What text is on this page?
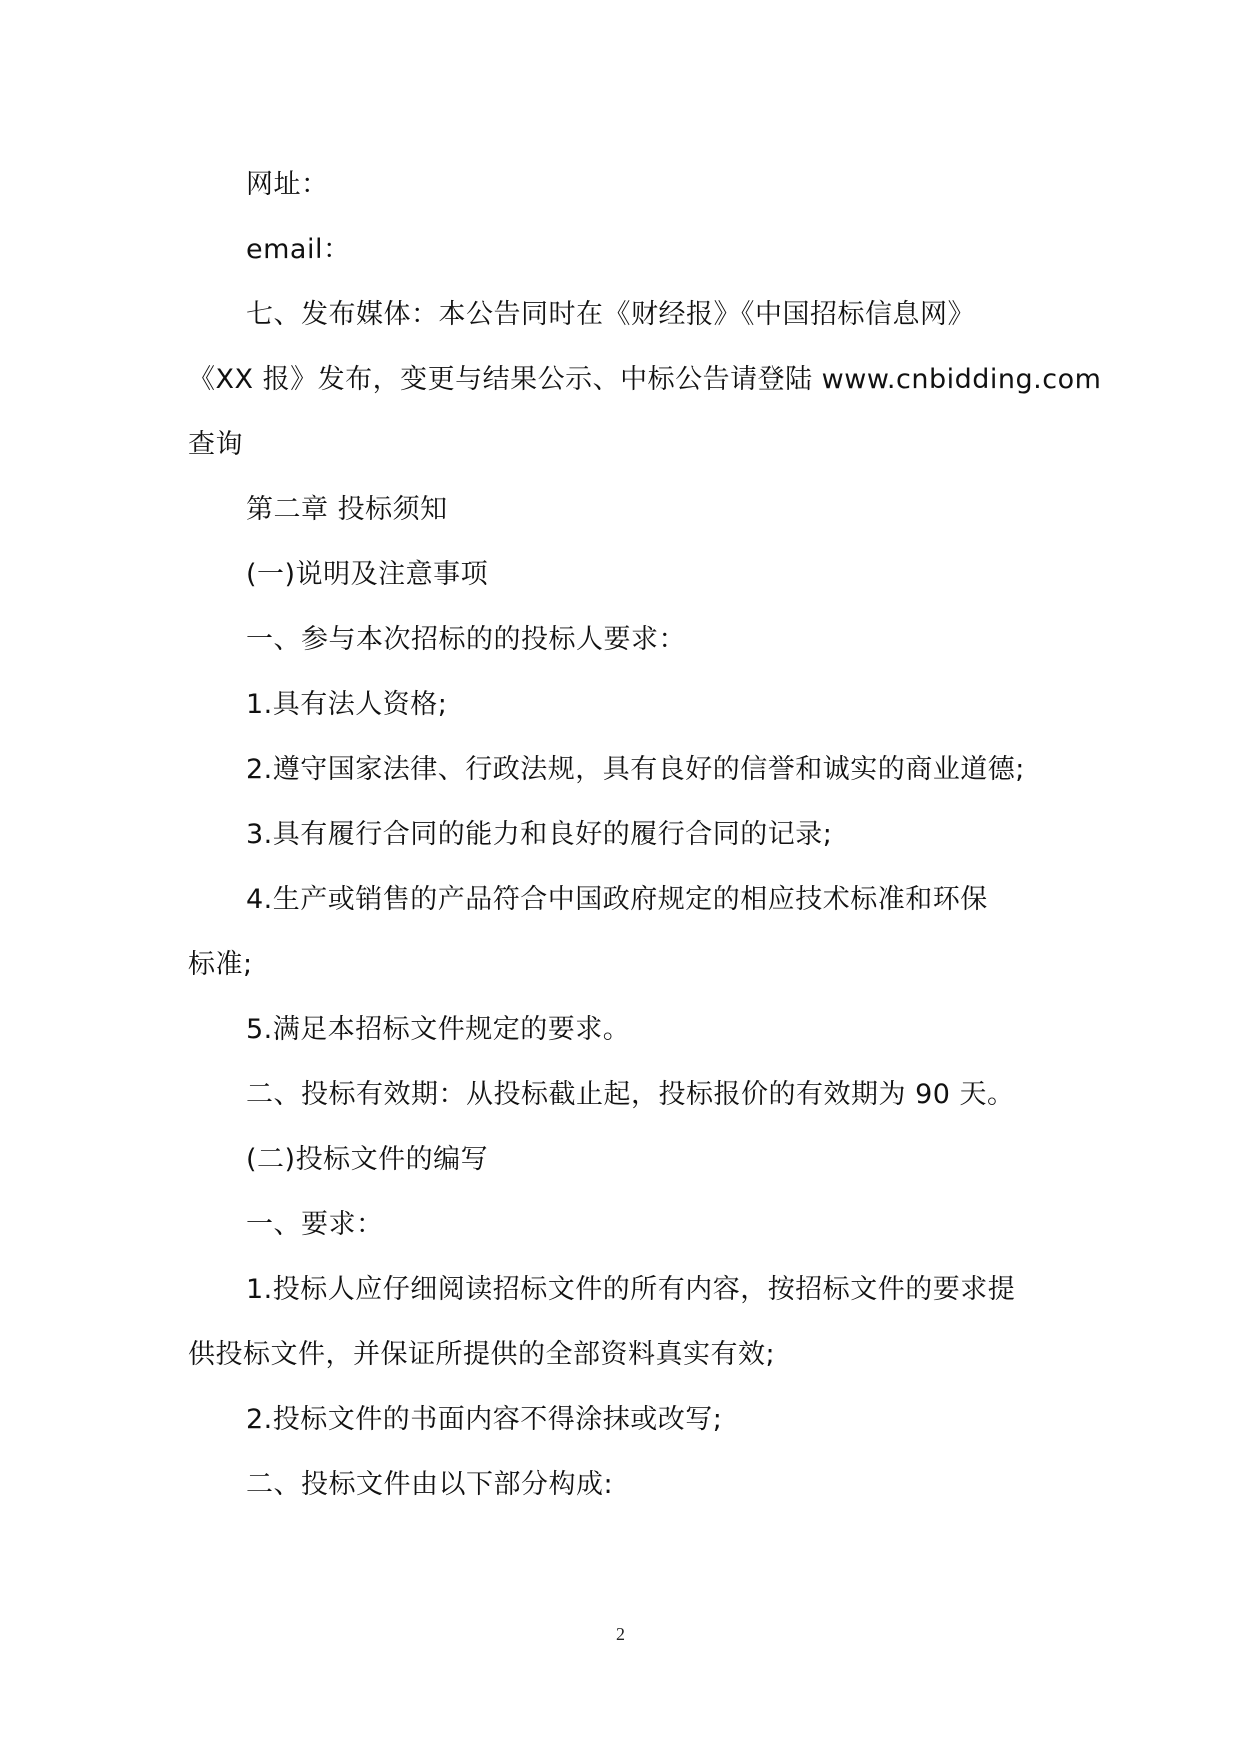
网址：
email：
七、发布媒体：本公告同时在《财经报》《中国招标信息网》
《XX 报》发布，变更与结果公示、中标公告请登陆 www.cnbidding.com
查询
第二章 投标须知
(一)说明及注意事项
一、参与本次招标的的投标人要求：
1.具有法人资格;
2.遵守国家法律、行政法规，具有良好的信誉和诚实的商业道德;
3.具有履行合同的能力和良好的履行合同的记录;
4.生产或销售的产品符合中国政府规定的相应技术标准和环保
标准;
5.满足本招标文件规定的要求。
二、投标有效期：从投标截止起，投标报价的有效期为 90 天。
(二)投标文件的编写
一、要求：
1.投标人应仔细阅读招标文件的所有内容，按招标文件的要求提
供投标文件，并保证所提供的全部资料真实有效;
2.投标文件的书面内容不得涂抹或改写;
二、投标文件由以下部分构成:
2
